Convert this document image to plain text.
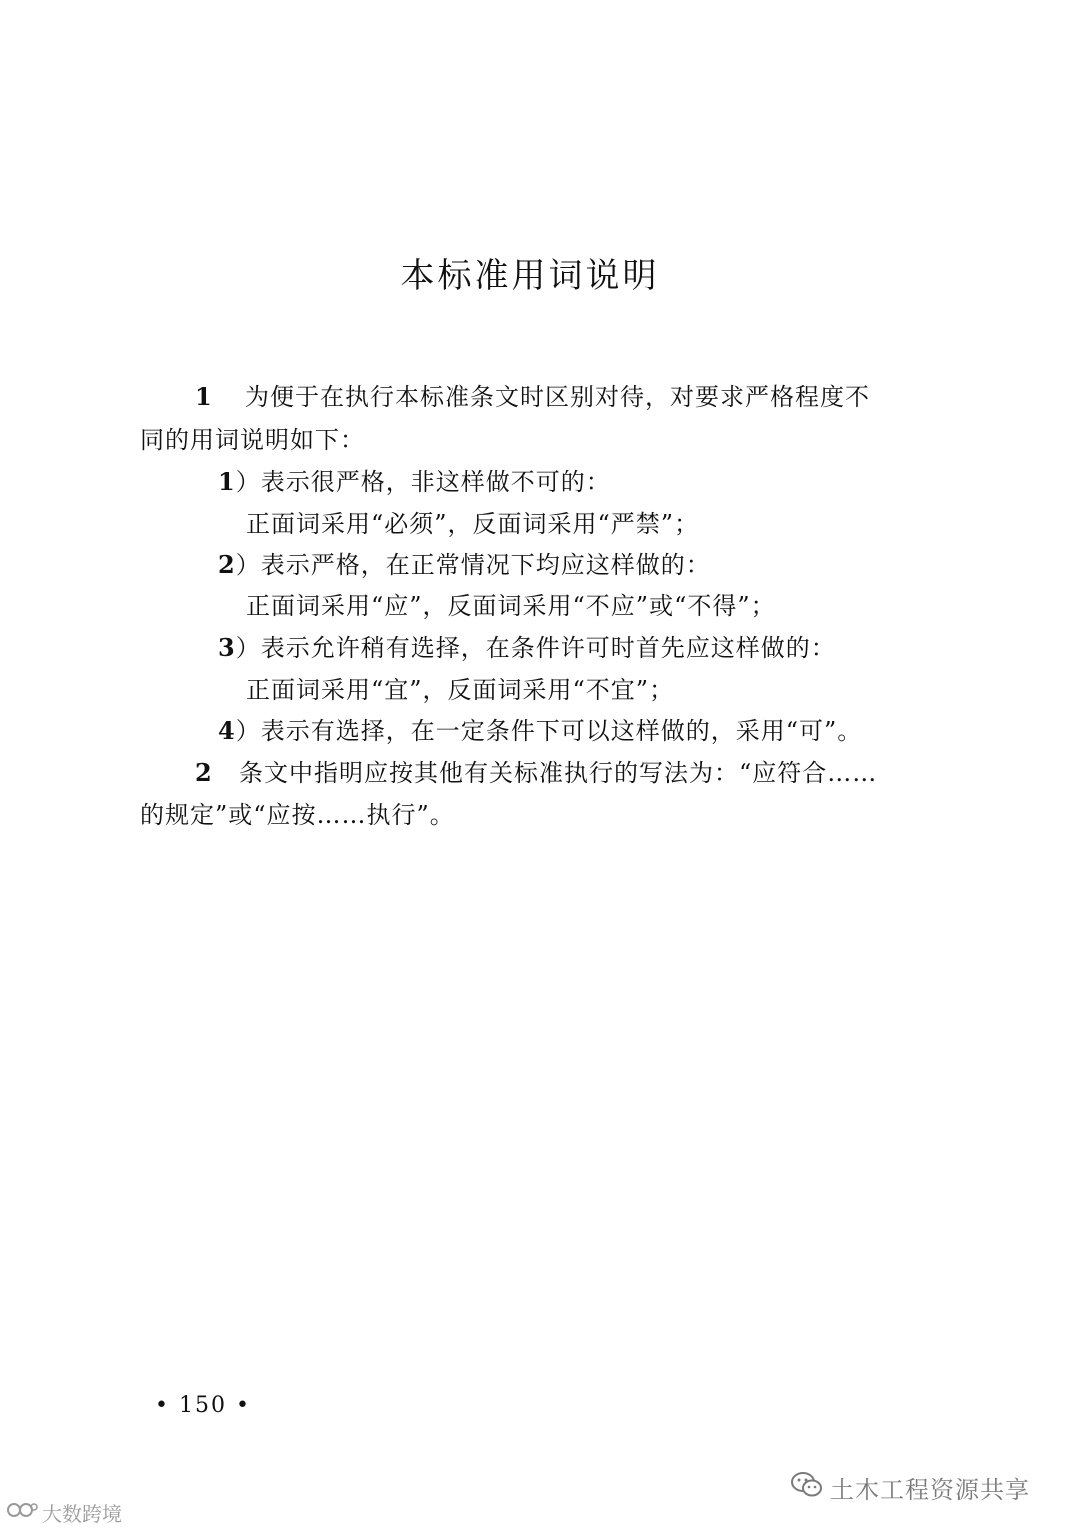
本标准用词说明
1 为便于在执行本标准条文时区别对待，对要求严格程度不
同的用词说明如下：
1）表示很严格，非这样做不可的：
正面词采用“必须”，反面词采用“严禁”；
2）表示严格，在正常情况下均应这样做的：
正面词采用“应”，反面词采用“不应”或“不得”；
3）表示允许稍有选择，在条件许可时首先应这样做的：
正面词采用“宜”，反面词采用“不宜”；
4）表示有选择，在一定条件下可以这样做的，采用“可”。
2 条文中指明应按其他有关标准执行的写法为：“应符合……
的规定”或“应按……执行”。
• 150 •
土木工程资源共享
大数跨境
